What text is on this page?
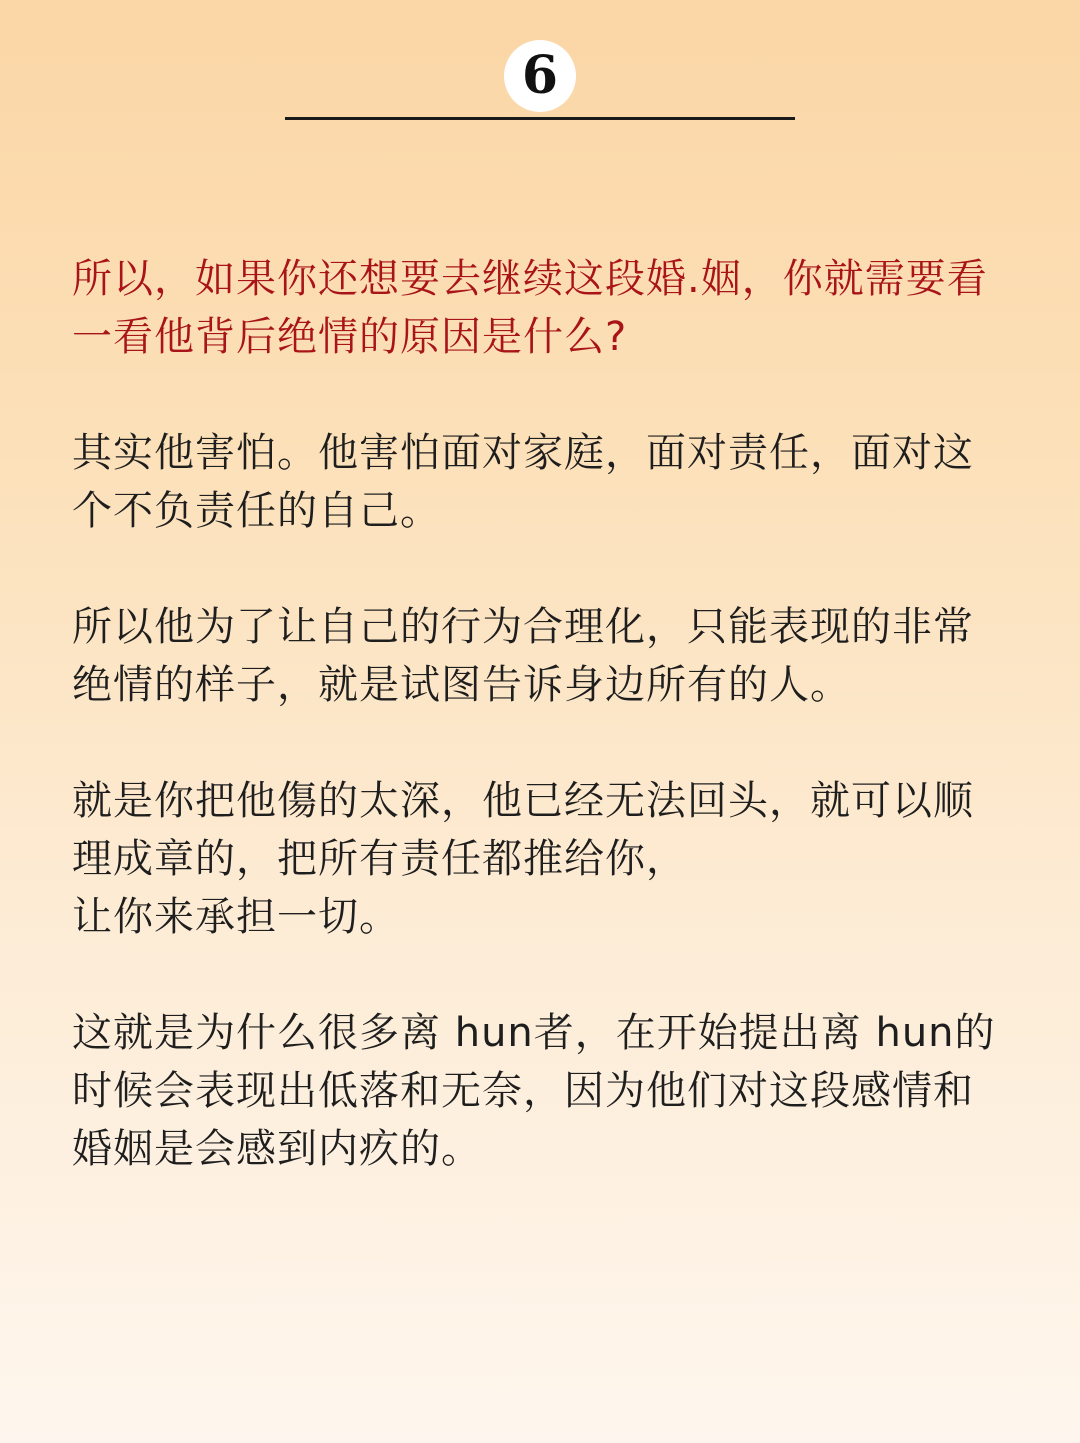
6

所以，如果你还想要去继续这段婚.姻，你就需要看
一看他背后绝情的原因是什么?

其实他害怕。他害怕面对家庭，面对责任，面对这
个不负责任的自己。

所以他为了让自己的行为合理化，只能表现的非常
绝情的样子，就是试图告诉身边所有的人。

就是你把他傷的太深，他已经无法回头，就可以顺
理成章的，把所有责任都推给你，
让你来承担一切。

这就是为什么很多离 hun者，在开始提出离 hun的
时候会表现出低落和无奈，因为他们对这段感情和
婚姻是会感到内疚的。
